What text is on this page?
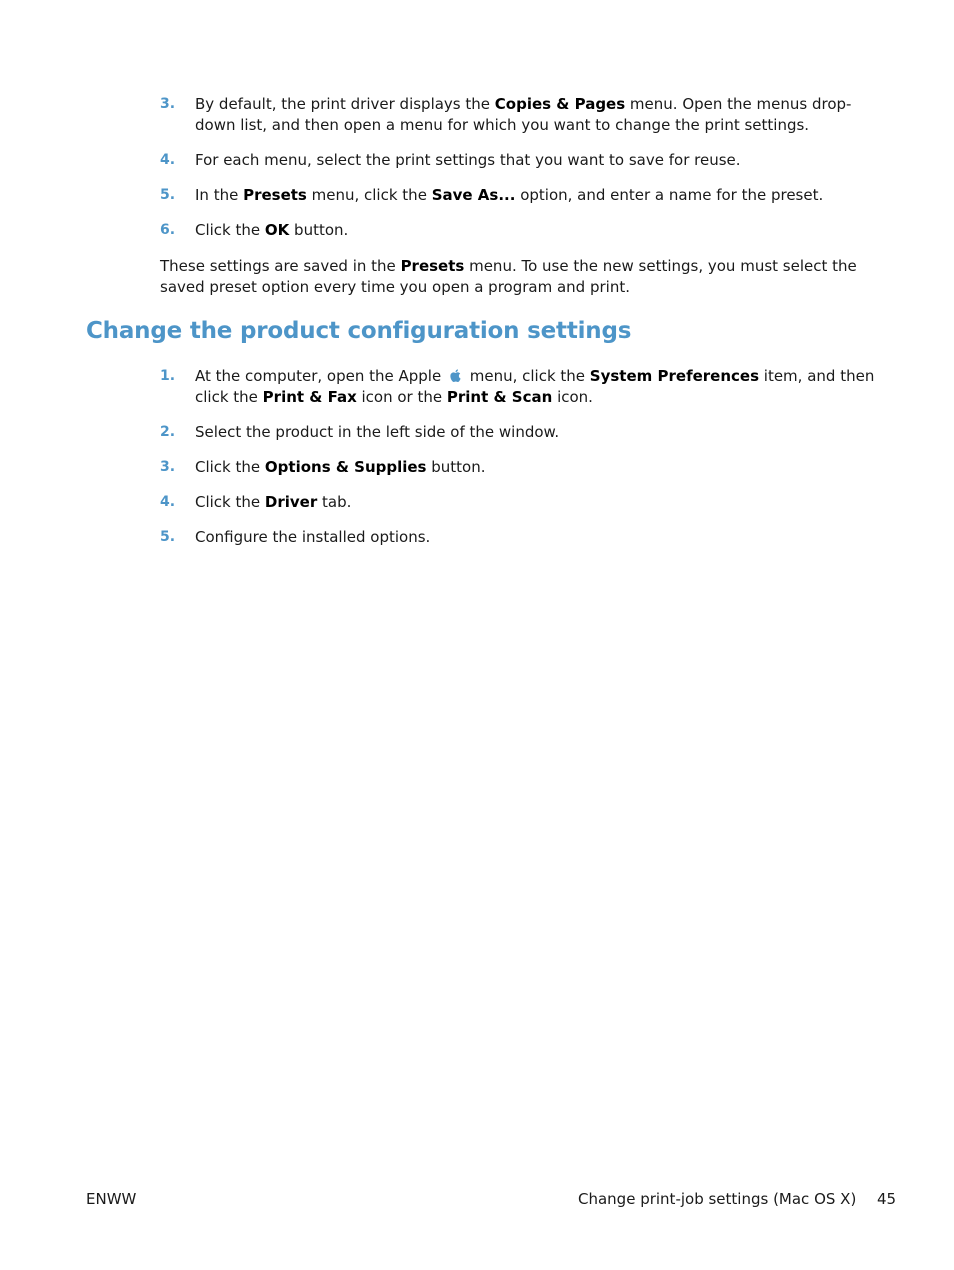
3. By default, the print driver displays the Copies & Pages menu. Open the menus drop-down list, and then open a menu for which you want to change the print settings.
4. For each menu, select the print settings that you want to save for reuse.
5. In the Presets menu, click the Save As... option, and enter a name for the preset.
6. Click the OK button.

These settings are saved in the Presets menu. To use the new settings, you must select the saved preset option every time you open a program and print.

Change the product configuration settings
1. At the computer, open the Apple  menu, click the System Preferences item, and then click the Print & Fax icon or the Print & Scan icon.
2. Select the product in the left side of the window.
3. Click the Options & Supplies button.
4. Click the Driver tab.
5. Configure the installed options.
ENWW	Change print-job settings (Mac OS X) 45
